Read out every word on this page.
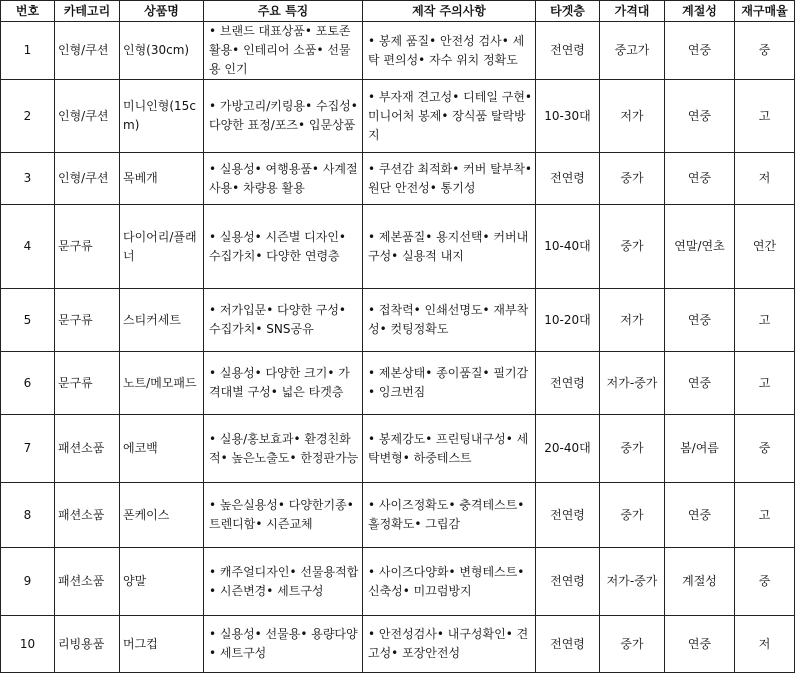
번호	카테고리	상품명	주요 특징	제작 주의사항	타겟층	가격대	계절성	재구매율
1	인형/쿠션	인형(30cm)	• 브랜드 대표상품• 포토존 활용• 인테리어 소품• 선물용 인기	• 봉제 품질• 안전성 검사• 세탁 편의성• 자수 위치 정확도	전연령	중고가	연중	중
2	인형/쿠션	미니인형(15cm)	• 가방고리/키링용• 수집성• 다양한 표정/포즈• 입문상품	• 부자재 견고성• 디테일 구현• 미니어처 봉제• 장식품 탈락방지	10-30대	저가	연중	고
3	인형/쿠션	목베개	• 실용성• 여행용품• 사계절 사용• 차량용 활용	• 쿠션감 최적화• 커버 탈부착• 원단 안전성• 통기성	전연령	중가	연중	저
4	문구류	다이어리/플래너	• 실용성• 시즌별 디자인• 수집가치• 다양한 연령층	• 제본품질• 용지선택• 커버내구성• 실용적 내지	10-40대	중가	연말/연초	연간
5	문구류	스티커세트	• 저가입문• 다양한 구성• 수집가치• SNS공유	• 접착력• 인쇄선명도• 재부착성• 컷팅정확도	10-20대	저가	연중	고
6	문구류	노트/메모패드	• 실용성• 다양한 크기• 가격대별 구성• 넓은 타겟층	• 제본상태• 종이품질• 필기감• 잉크번짐	전연령	저가-중가	연중	고
7	패션소품	에코백	• 실용/홍보효과• 환경친화적• 높은노출도• 한정판가능	• 봉제강도• 프린팅내구성• 세탁변형• 하중테스트	20-40대	중가	봄/여름	중
8	패션소품	폰케이스	• 높은실용성• 다양한기종• 트렌디함• 시즌교체	• 사이즈정확도• 충격테스트• 홀정확도• 그립감	전연령	중가	연중	고
9	패션소품	양말	• 캐주얼디자인• 선물용적합• 시즌변경• 세트구성	• 사이즈다양화• 변형테스트• 신축성• 미끄럼방지	전연령	저가-중가	계절성	중
10	리빙용품	머그컵	• 실용성• 선물용• 용량다양• 세트구성	• 안전성검사• 내구성확인• 견고성• 포장안전성	전연령	중가	연중	저
